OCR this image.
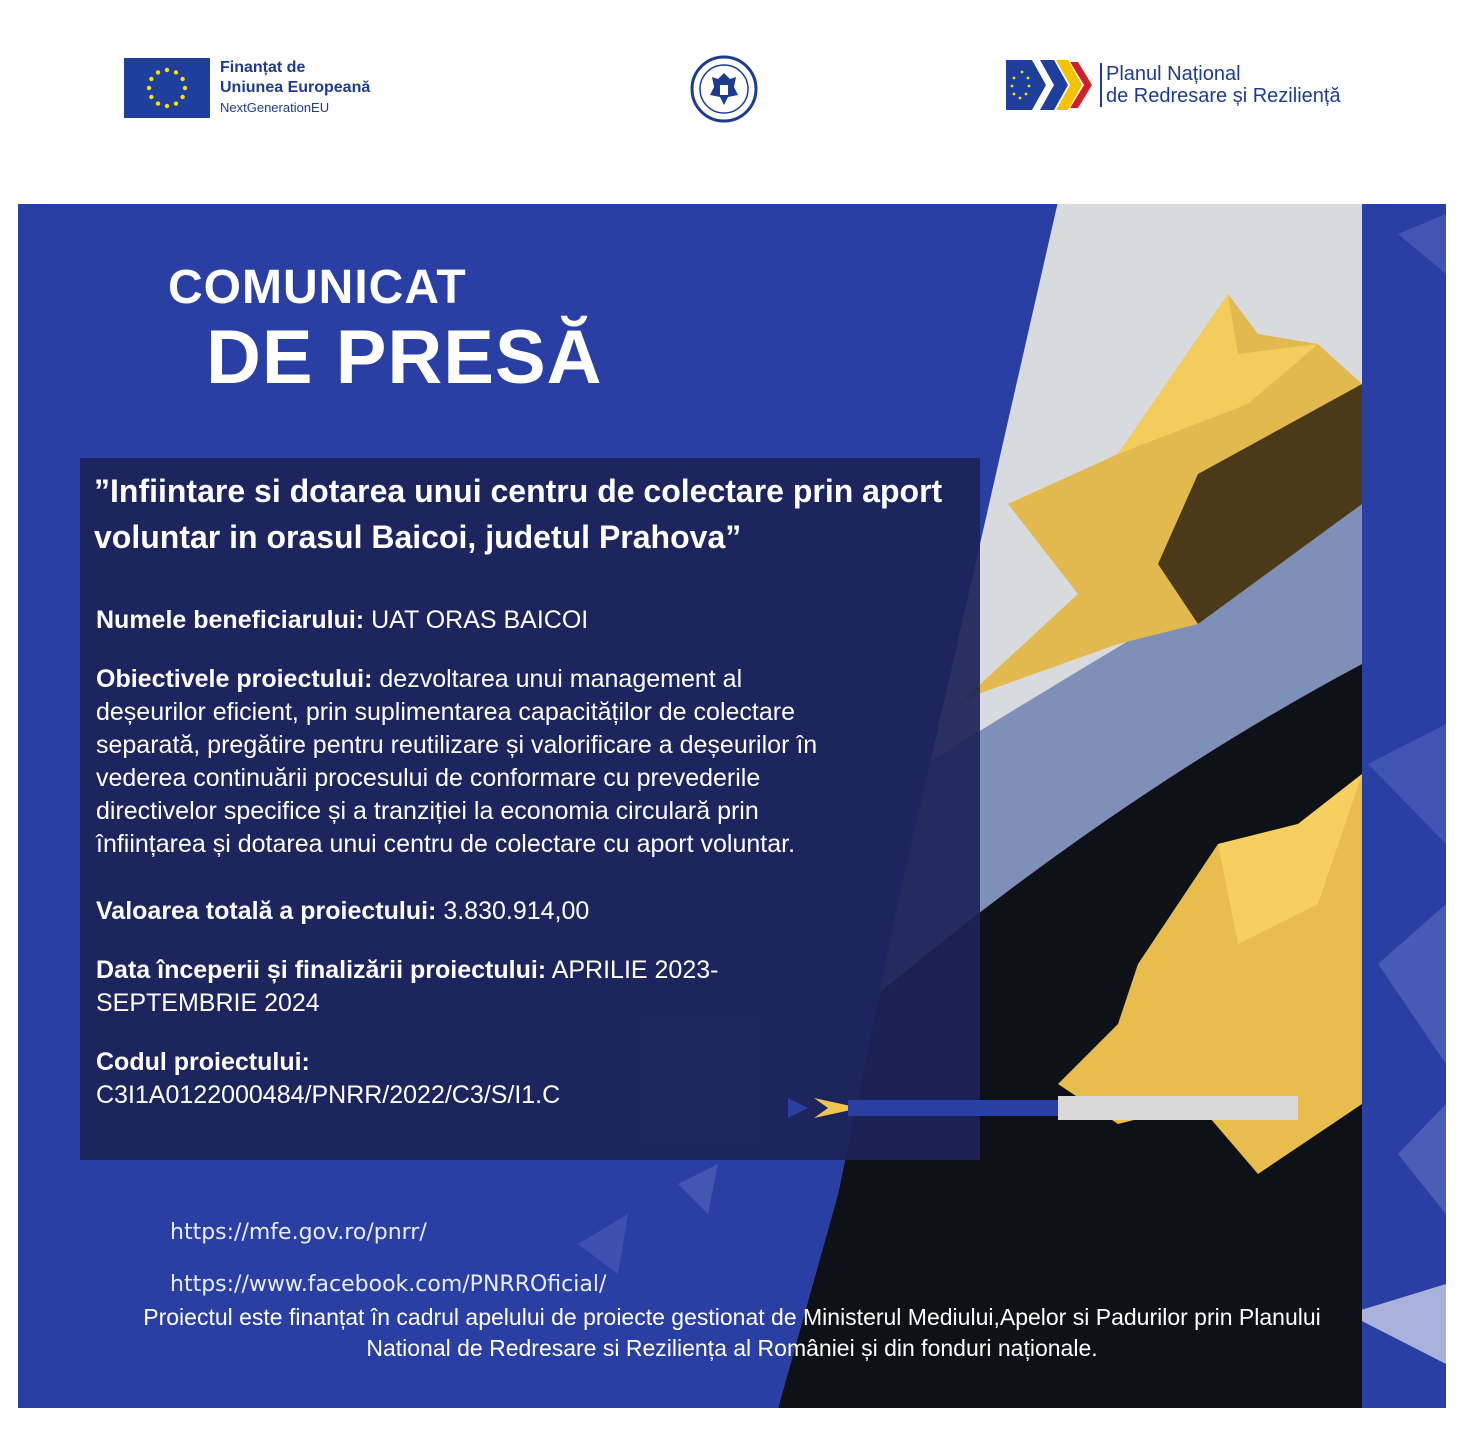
Finanțat de
Uniunea Europeană
NextGenerationEU
Planul Național
de Redresare și Reziliență
COMUNICAT
DE PRESĂ
”Infiintare si dotarea unui centru de colectare prin aport voluntar in orasul Baicoi, judetul Prahova”

Numele beneficiarului: UAT ORAS BAICOI

Obiectivele proiectului: dezvoltarea unui management al deșeurilor eficient, prin suplimentarea capacităților de colectare separată, pregătire pentru reutilizare și valorificare a deșeurilor în vederea continuării procesului de conformare cu prevederile directivelor specifice și a tranziției la economia circulară prin înființarea și dotarea unui centru de colectare cu aport voluntar.

Valoarea totală a proiectului: 3.830.914,00

Data începerii și finalizării proiectului: APRILIE 2023- SEPTEMBRIE 2024

Codul proiectului:
C3I1A0122000484/PNRR/2022/C3/S/I1.C

https://mfe.gov.ro/pnrr/
https://www.facebook.com/PNRROficial/
Proiectul este finanțat în cadrul apelului de proiecte gestionat de Ministerul Mediului,Apelor si Padurilor prin Planului
National de Redresare si Reziliența al României și din fonduri naționale.
